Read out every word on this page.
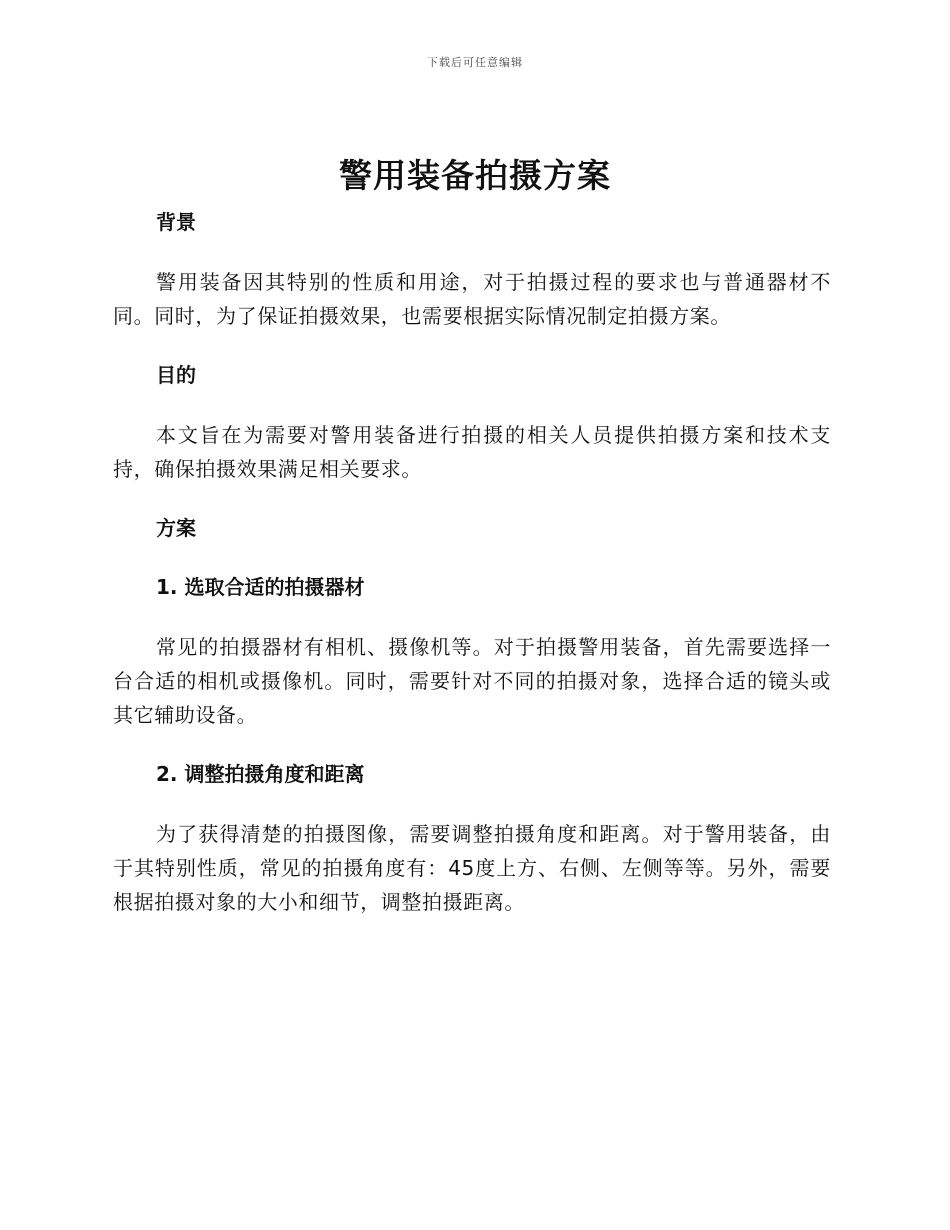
下载后可任意编辑
警用装备拍摄方案
背景

警用装备因其特别的性质和用途，对于拍摄过程的要求也与普通器材不同。同时，为了保证拍摄效果，也需要根据实际情况制定拍摄方案。

目的

本文旨在为需要对警用装备进行拍摄的相关人员提供拍摄方案和技术支持，确保拍摄效果满足相关要求。

方案
1. 选取合适的拍摄器材

常见的拍摄器材有相机、摄像机等。对于拍摄警用装备，首先需要选择一台合适的相机或摄像机。同时，需要针对不同的拍摄对象，选择合适的镜头或其它辅助设备。

2. 调整拍摄角度和距离

为了获得清楚的拍摄图像，需要调整拍摄角度和距离。对于警用装备，由于其特别性质，常见的拍摄角度有：45度上方、右侧、左侧等等。另外，需要根据拍摄对象的大小和细节，调整拍摄距离。
